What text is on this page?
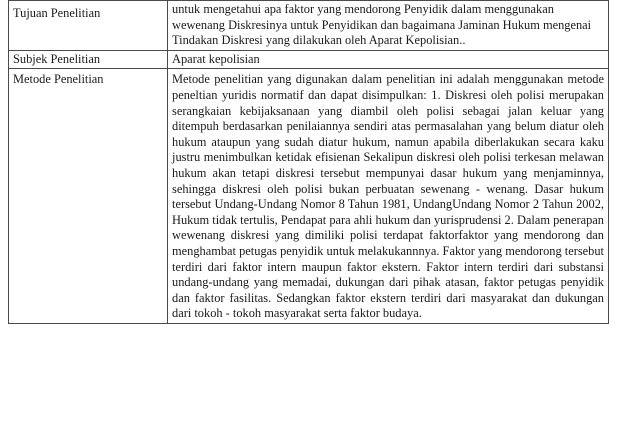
Tujuan Penelitian	untuk mengetahui apa faktor yang mendorong Penyidik dalam menggunakan wewenang Diskresinya untuk Penyidikan dan bagaimana Jaminan Hukum mengenai Tindakan Diskresi yang dilakukan oleh Aparat Kepolisian..
Subjek Penelitian	Aparat kepolisian
Metode Penelitian	Metode penelitian yang digunakan dalam penelitian ini adalah menggunakan metode peneltian yuridis normatif dan dapat disimpulkan: 1. Diskresi oleh polisi merupakan serangkaian kebijaksanaan yang diambil oleh polisi sebagai jalan keluar yang ditempuh berdasarkan penilaiannya sendiri atas permasalahan yang belum diatur oleh hukum ataupun yang sudah diatur hukum, namun apabila diberlakukan secara kaku justru menimbulkan ketidak efisienan Sekalipun diskresi oleh polisi terkesan melawan hukum akan tetapi diskresi tersebut mempunyai dasar hukum yang menjaminnya, sehingga diskresi oleh polisi bukan perbuatan sewenang - wenang. Dasar hukum tersebut Undang-Undang Nomor 8 Tahun 1981, UndangUndang Nomor 2 Tahun 2002, Hukum tidak tertulis, Pendapat para ahli hukum dan yurisprudensi 2. Dalam penerapan wewenang diskresi yang dimiliki polisi terdapat faktorfaktor yang mendorong dan menghambat petugas penyidik untuk melakukannnya. Faktor yang mendorong tersebut terdiri dari faktor intern maupun faktor ekstern. Faktor intern terdiri dari substansi undang-undang yang memadai, dukungan dari pihak atasan, faktor petugas penyidik dan faktor fasilitas. Sedangkan faktor ekstern terdiri dari masyarakat dan dukungan dari tokoh - tokoh masyarakat serta faktor budaya.
